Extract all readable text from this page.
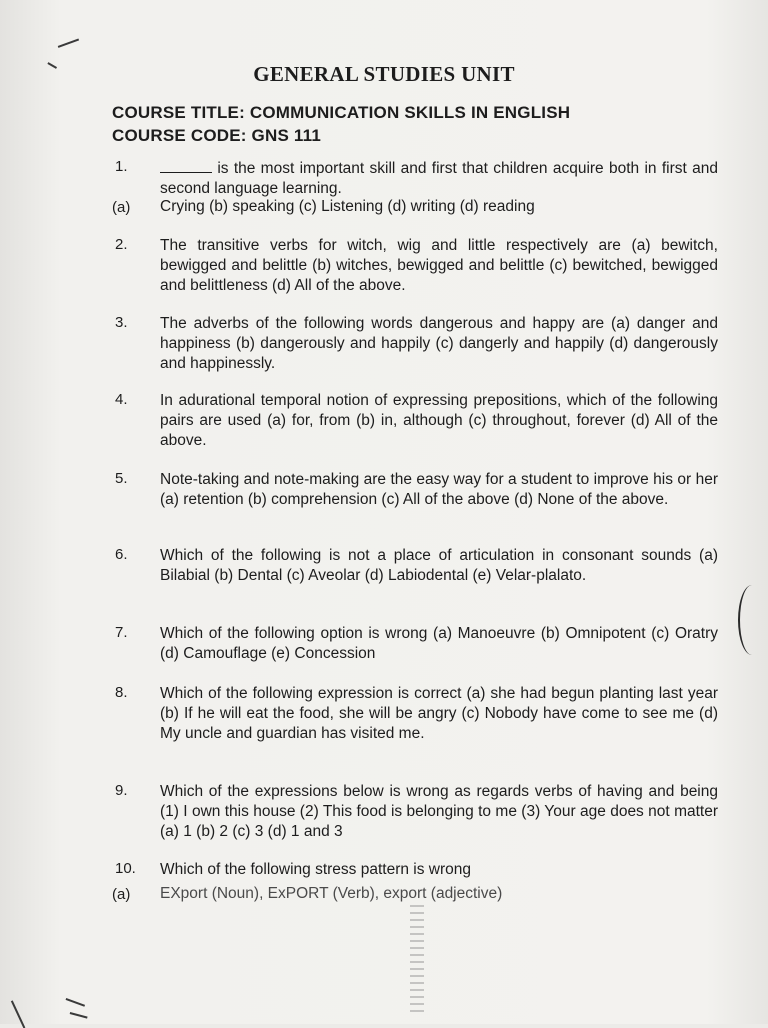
GENERAL STUDIES UNIT
COURSE TITLE: COMMUNICATION SKILLS IN ENGLISH
COURSE CODE: GNS 111
1.	is the most important skill and first that children acquire both in first and second language learning.
(a) Crying (b) speaking (c) Listening (d) writing (d) reading
2. The transitive verbs for witch, wig and little respectively are (a) bewitch, bewigged and belittle (b) witches, bewigged and belittle (c) bewitched, bewigged and belittleness (d) All of the above.
3. The adverbs of the following words dangerous and happy are (a) danger and happiness (b) dangerously and happily (c) dangerly and happily (d) dangerously and happinessly.
4. In adurational temporal notion of expressing prepositions, which of the following pairs are used (a) for, from (b) in, although (c) throughout, forever (d) All of the above.
5. Note-taking and note-making are the easy way for a student to improve his or her (a) retention (b) comprehension (c) All of the above (d) None of the above.
6. Which of the following is not a place of articulation in consonant sounds (a) Bilabial (b) Dental (c) Aveolar (d) Labiodental (e) Velar-plalato.
7. Which of the following option is wrong (a) Manoeuvre (b) Omnipotent (c) Oratry (d) Camouflage (e) Concession
8. Which of the following expression is correct (a) she had begun planting last year (b) If he will eat the food, she will be angry (c) Nobody have come to see me (d) My uncle and guardian has visited me.
9. Which of the expressions below is wrong as regards verbs of having and being (1) I own this house (2) This food is belonging to me (3) Your age does not matter (a) 1 (b) 2 (c) 3 (d) 1 and 3
10. Which of the following stress pattern is wrong
(a) EXport (Noun), ExPORT (Verb), export (adjective)
